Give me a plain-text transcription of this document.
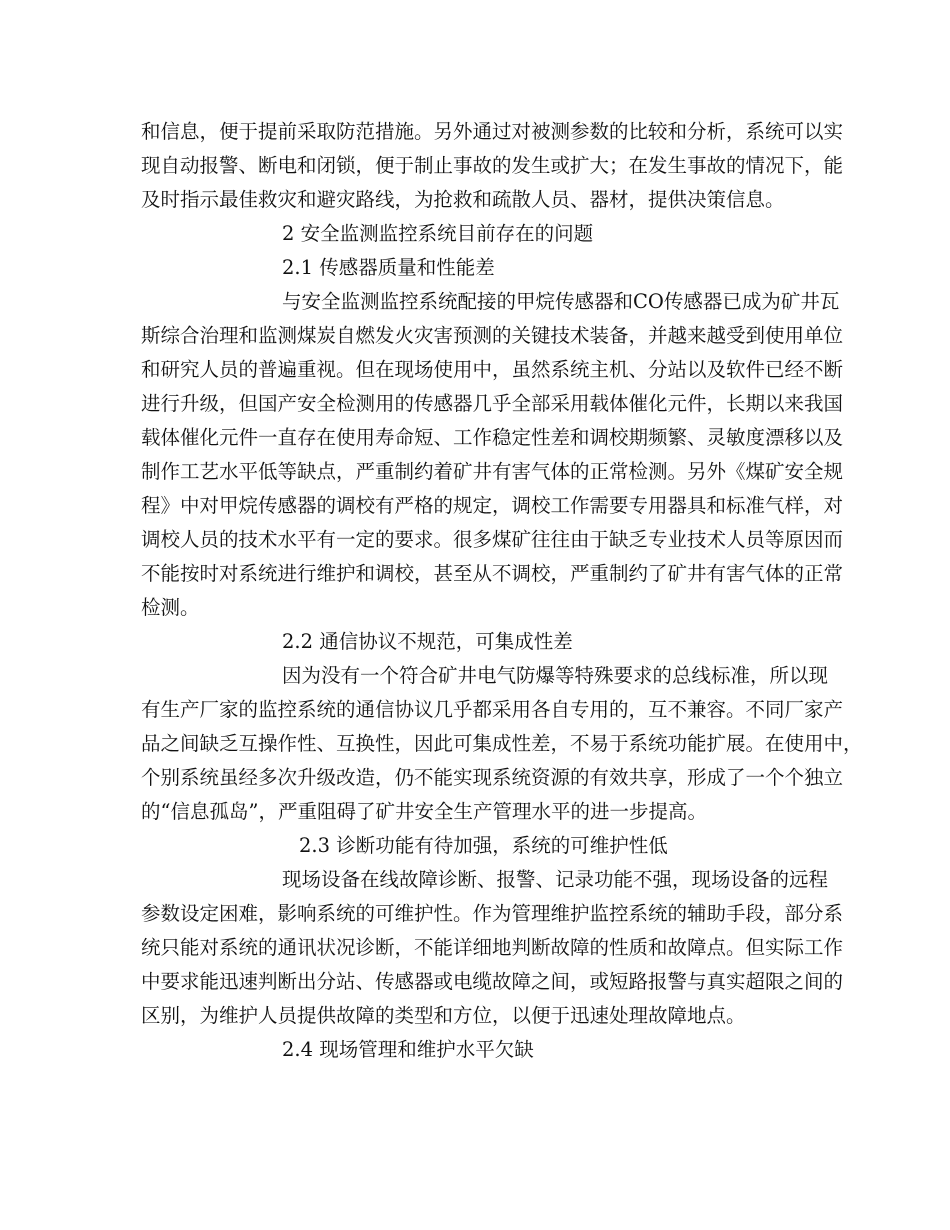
和信息，便于提前采取防范措施。另外通过对被测参数的比较和分析，系统可以实
现自动报警、断电和闭锁，便于制止事故的发生或扩大；在发生事故的情况下，能
及时指示最佳救灾和避灾路线，为抢救和疏散人员、器材，提供决策信息。
2 安全监测监控系统目前存在的问题
2.1 传感器质量和性能差
与安全监测监控系统配接的甲烷传感器和CO传感器已成为矿井瓦
斯综合治理和监测煤炭自燃发火灾害预测的关键技术装备，并越来越受到使用单位
和研究人员的普遍重视。但在现场使用中，虽然系统主机、分站以及软件已经不断
进行升级，但国产安全检测用的传感器几乎全部采用载体催化元件，长期以来我国
载体催化元件一直存在使用寿命短、工作稳定性差和调校期频繁、灵敏度漂移以及
制作工艺水平低等缺点，严重制约着矿井有害气体的正常检测。另外《煤矿安全规
程》中对甲烷传感器的调校有严格的规定，调校工作需要专用器具和标准气样，对
调校人员的技术水平有一定的要求。很多煤矿往往由于缺乏专业技术人员等原因而
不能按时对系统进行维护和调校，甚至从不调校，严重制约了矿井有害气体的正常
检测。
2.2 通信协议不规范，可集成性差
因为没有一个符合矿井电气防爆等特殊要求的总线标准，所以现
有生产厂家的监控系统的通信协议几乎都采用各自专用的，互不兼容。不同厂家产
品之间缺乏互操作性、互换性，因此可集成性差，不易于系统功能扩展。在使用中，
个别系统虽经多次升级改造，仍不能实现系统资源的有效共享，形成了一个个独立
的“信息孤岛”，严重阻碍了矿井安全生产管理水平的进一步提高。
2.3 诊断功能有待加强，系统的可维护性低
现场设备在线故障诊断、报警、记录功能不强，现场设备的远程
参数设定困难，影响系统的可维护性。作为管理维护监控系统的辅助手段，部分系
统只能对系统的通讯状况诊断，不能详细地判断故障的性质和故障点。但实际工作
中要求能迅速判断出分站、传感器或电缆故障之间，或短路报警与真实超限之间的
区别，为维护人员提供故障的类型和方位，以便于迅速处理故障地点。
2.4 现场管理和维护水平欠缺
